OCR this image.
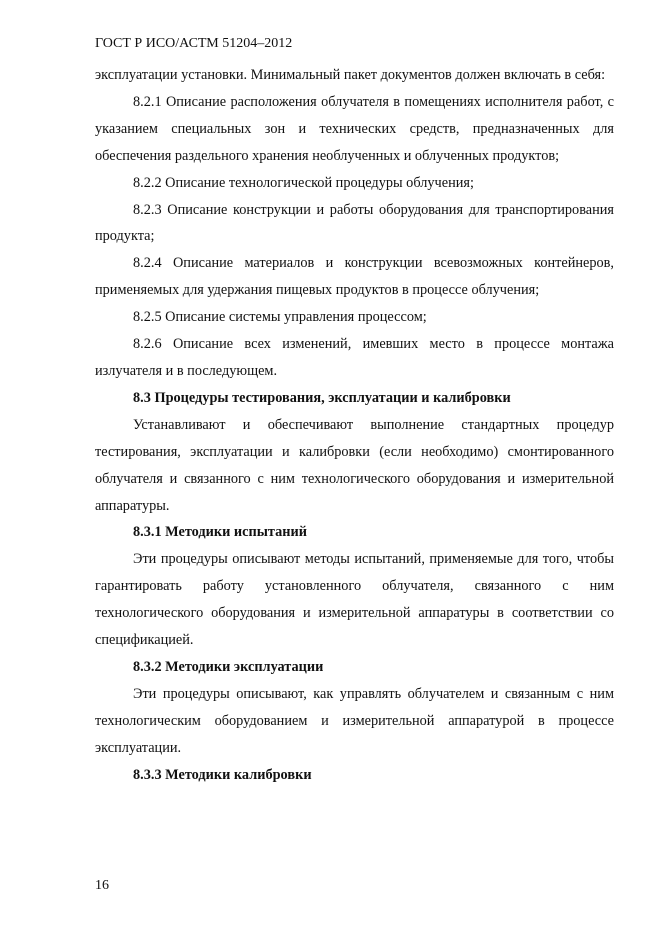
ГОСТ Р ИСО/АСТМ 51204–2012

эксплуатации установки. Минимальный пакет документов должен включать в себя:

8.2.1 Описание расположения облучателя в помещениях исполнителя работ, с указанием специальных зон и технических средств, предназначенных для обеспечения раздельного хранения необлученных и облученных продуктов;

8.2.2 Описание технологической процедуры облучения;

8.2.3 Описание конструкции и работы оборудования для транспортирования продукта;

8.2.4 Описание материалов и конструкции всевозможных контейнеров, применяемых для удержания пищевых продуктов в процессе облучения;

8.2.5 Описание системы управления процессом;

8.2.6 Описание всех изменений, имевших место в процессе монтажа излучателя и в последующем.

8.3 Процедуры тестирования, эксплуатации и калибровки

Устанавливают и обеспечивают выполнение стандартных процедур тестирования, эксплуатации и калибровки (если необходимо) смонтированного облучателя и связанного с ним технологического оборудования и измерительной аппаратуры.

8.3.1 Методики испытаний

Эти процедуры описывают методы испытаний, применяемые для того, чтобы гарантировать работу установленного облучателя, связанного с ним технологического оборудования и измерительной аппаратуры в соответствии со спецификацией.

8.3.2 Методики эксплуатации

Эти процедуры описывают, как управлять облучателем и связанным с ним технологическим оборудованием и измерительной аппаратурой в процессе эксплуатации.

8.3.3 Методики калибровки

16
